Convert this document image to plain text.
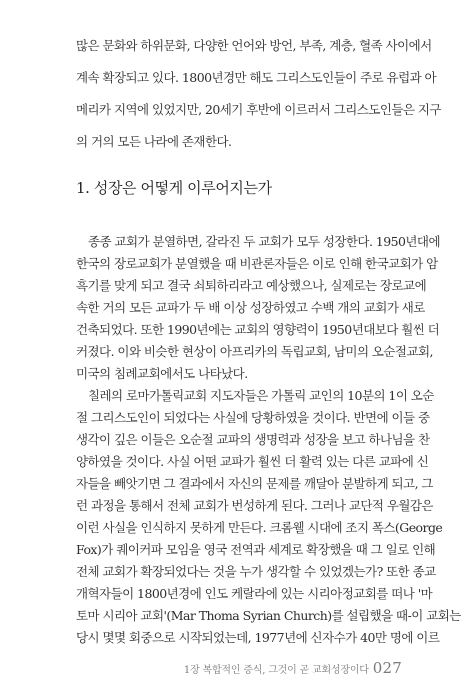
많은 문화와 하위문화, 다양한 언어와 방언, 부족, 계층, 혈족 사이에서
계속 확장되고 있다. 1800년경만 해도 그리스도인들이 주로 유럽과 아
메리카 지역에 있었지만, 20세기 후반에 이르러서 그리스도인들은 지구
의 거의 모든 나라에 존재한다.
1. 성장은 어떻게 이루어지는가
종종 교회가 분열하면, 갈라진 두 교회가 모두 성장한다. 1950년대에
한국의 장로교회가 분열했을 때 비관론자들은 이로 인해 한국교회가 암
흑기를 맞게 되고 결국 쇠퇴하리라고 예상했으나, 실제로는 장로교에
속한 거의 모든 교파가 두 배 이상 성장하였고 수백 개의 교회가 새로
건축되었다. 또한 1990년에는 교회의 영향력이 1950년대보다 훨씬 더
커졌다. 이와 비슷한 현상이 아프리카의 독립교회, 남미의 오순절교회,
미국의 침례교회에서도 나타났다.
칠레의 로마가톨릭교회 지도자들은 가톨릭 교인의 10분의 1이 오순
절 그리스도인이 되었다는 사실에 당황하였을 것이다. 반면에 이들 중
생각이 깊은 이들은 오순절 교파의 생명력과 성장을 보고 하나님을 찬
양하였을 것이다. 사실 어떤 교파가 훨씬 더 활력 있는 다른 교파에 신
자들을 빼앗기면 그 결과에서 자신의 문제를 깨달아 분발하게 되고, 그
런 과정을 통해서 전체 교회가 번성하게 된다. 그러나 교단적 우월감은
이런 사실을 인식하지 못하게 만든다. 크롬웰 시대에 조지 폭스(George
Fox)가 퀘이커파 모임을 영국 전역과 세계로 확장했을 때 그 일로 인해
전체 교회가 확장되었다는 것을 누가 생각할 수 있었겠는가? 또한 종교
개혁자들이 1800년경에 인도 케랄라에 있는 시리아정교회를 떠나 '마
토마 시리아 교회'(Mar Thoma Syrian Church)를 설립했을 때-이 교회는
당시 몇몇 회중으로 시작되었는데, 1977년에 신자수가 40만 명에 이르
1장 복합적인 증식, 그것이 곧 교회성장이다 027
